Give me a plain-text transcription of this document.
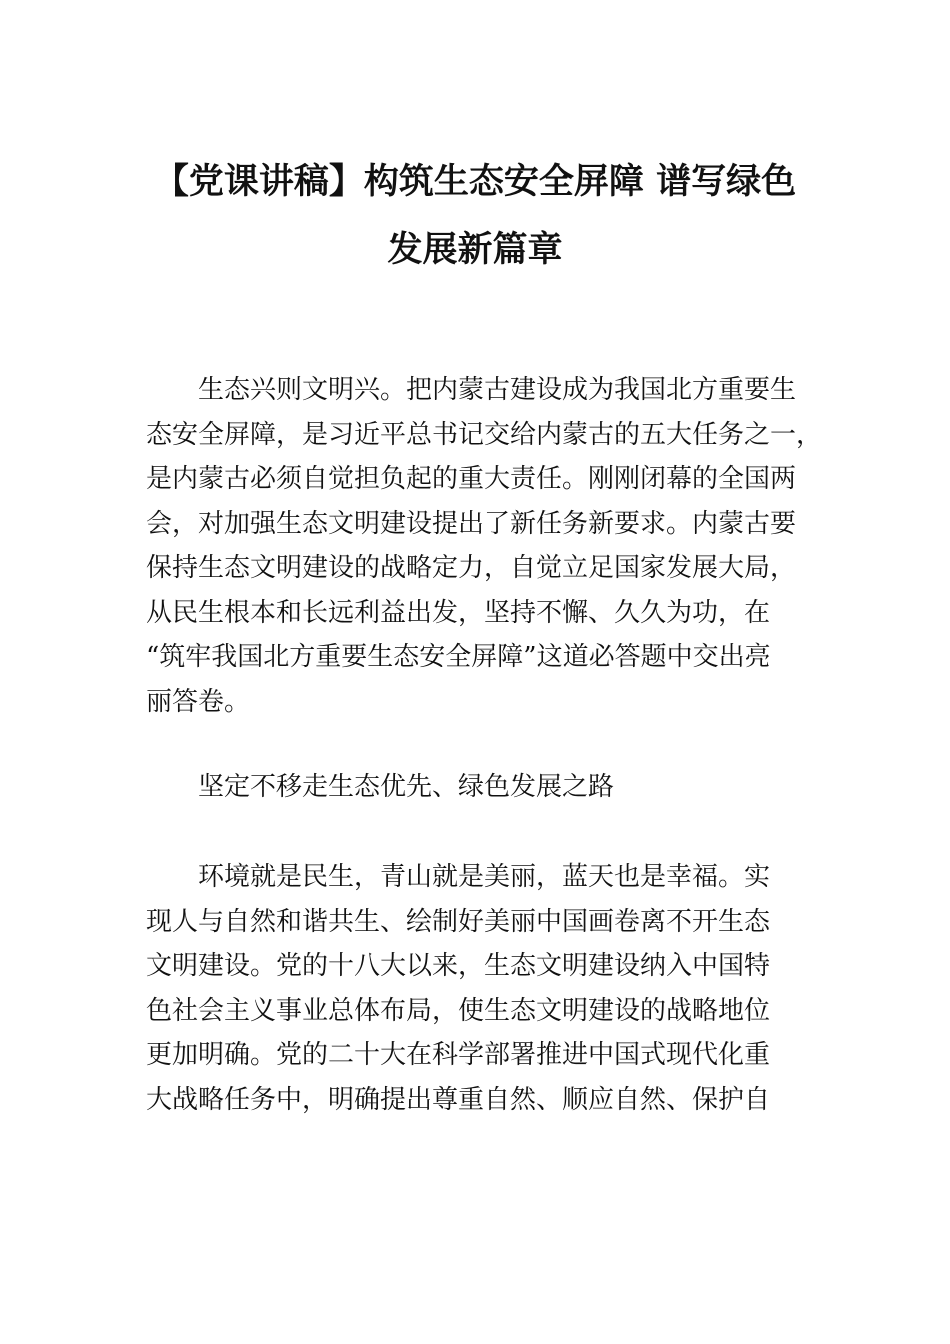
【党课讲稿】构筑生态安全屏障 谱写绿色
发展新篇章

　　生态兴则文明兴。把内蒙古建设成为我国北方重要生
态安全屏障，是习近平总书记交给内蒙古的五大任务之一，
是内蒙古必须自觉担负起的重大责任。刚刚闭幕的全国两
会，对加强生态文明建设提出了新任务新要求。内蒙古要
保持生态文明建设的战略定力，自觉立足国家发展大局，
从民生根本和长远利益出发，坚持不懈、久久为功，在
“筑牢我国北方重要生态安全屏障”这道必答题中交出亮
丽答卷。

　　坚定不移走生态优先、绿色发展之路

　　环境就是民生，青山就是美丽，蓝天也是幸福。实
现人与自然和谐共生、绘制好美丽中国画卷离不开生态
文明建设。党的十八大以来，生态文明建设纳入中国特
色社会主义事业总体布局，使生态文明建设的战略地位
更加明确。党的二十大在科学部署推进中国式现代化重
大战略任务中，明确提出尊重自然、顺应自然、保护自
